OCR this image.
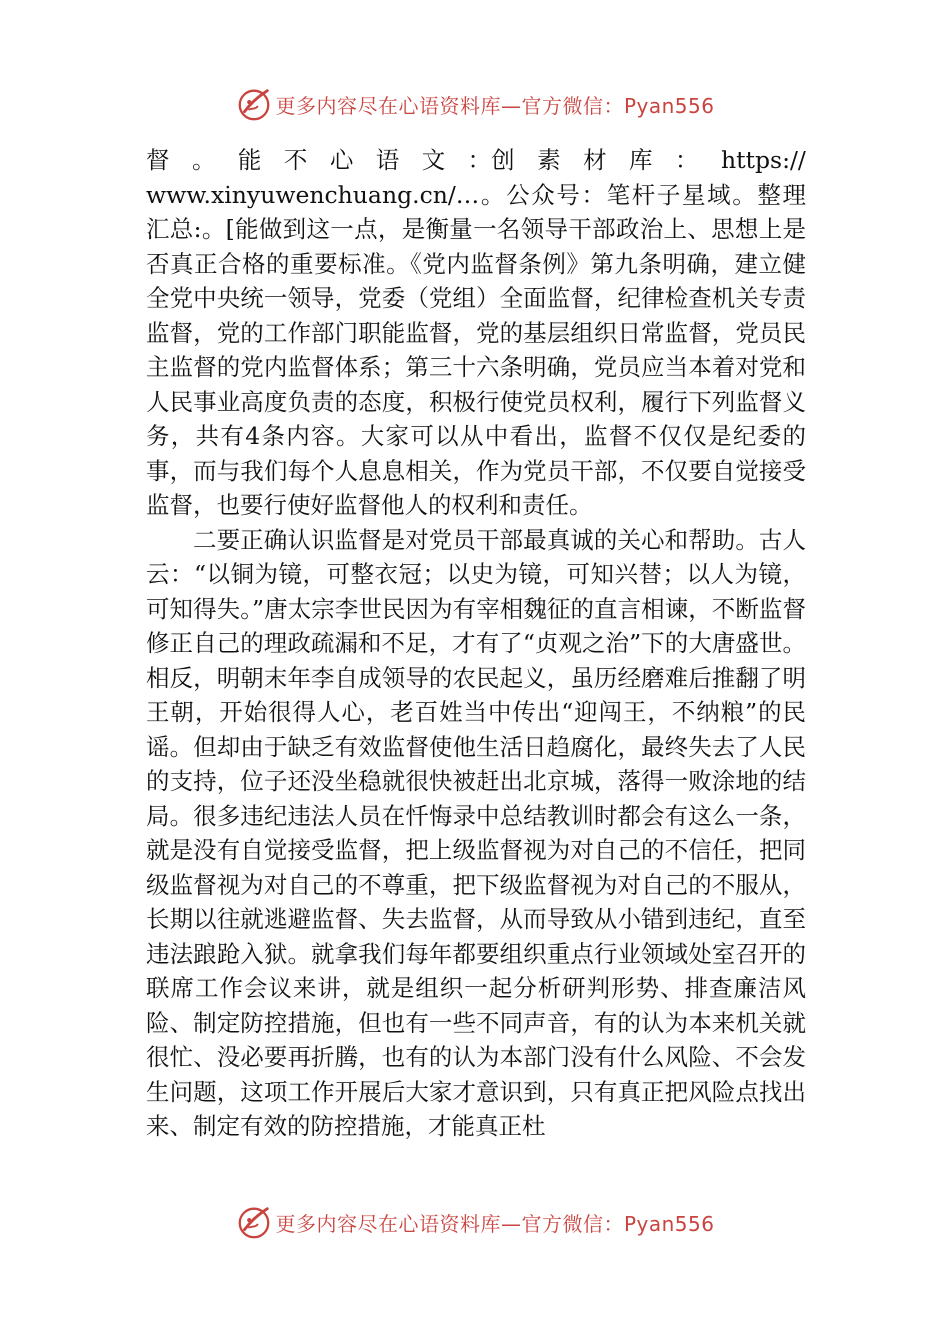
更多内容尽在心语资料库—官方微信：Pyan556
督 。 能 不 心 语 文 ：创 素 材 库 ： https://

www.xinyuwenchuang.cn/…。公众号：笔杆子星域。整理汇总:。[能做到这一点，是衡量一名领导干部政治上、思想上是否真正合格的重要标准。《党内监督条例》第九条明确，建立健全党中央统一领导，党委（党组）全面监督，纪律检查机关专责监督，党的工作部门职能监督，党的基层组织日常监督，党员民主监督的党内监督体系；第三十六条明确，党员应当本着对党和人民事业高度负责的态度，积极行使党员权利，履行下列监督义务，共有4条内容。大家可以从中看出，监督不仅仅是纪委的事，而与我们每个人息息相关，作为党员干部，不仅要自觉接受监督，也要行使好监督他人的权利和责任。

二要正确认识监督是对党员干部最真诚的关心和帮助。古人云：“以铜为镜，可整衣冠；以史为镜，可知兴替；以人为镜，可知得失。”唐太宗李世民因为有宰相魏征的直言相谏，不断监督修正自己的理政疏漏和不足，才有了“贞观之治”下的大唐盛世。相反，明朝末年李自成领导的农民起义，虽历经磨难后推翻了明王朝，开始很得人心，老百姓当中传出“迎闯王，不纳粮”的民谣。但却由于缺乏有效监督使他生活日趋腐化，最终失去了人民的支持，位子还没坐稳就很快被赶出北京城，落得一败涂地的结局。很多违纪违法人员在忏悔录中总结教训时都会有这么一条，就是没有自觉接受监督，把上级监督视为对自己的不信任，把同级监督视为对自己的不尊重，把下级监督视为对自己的不服从，长期以往就逃避监督、失去监督，从而导致从小错到违纪，直至违法踉跄入狱。就拿我们每年都要组织重点行业领域处室召开的联席工作会议来讲，就是组织一起分析研判形势、排查廉洁风险、制定防控措施，但也有一些不同声音，有的认为本来机关就很忙、没必要再折腾，也有的认为本部门没有什么风险、不会发生问题，这项工作开展后大家才意识到，只有真正把风险点找出来、制定有效的防控措施，才能真正杜

更多内容尽在心语资料库—官方微信：Pyan556
